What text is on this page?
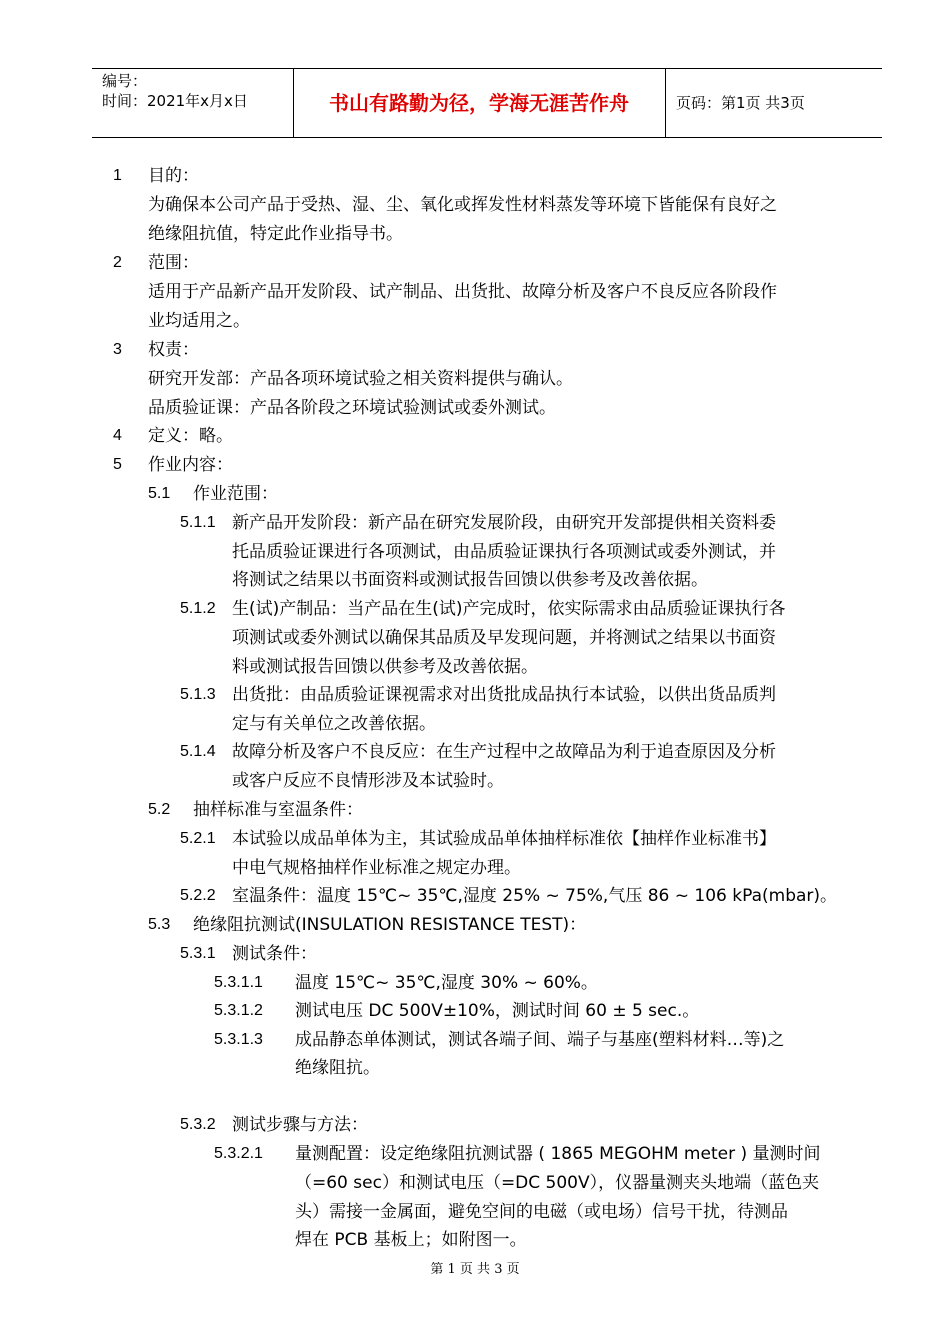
编号：
时间：2021年x月x日	书山有路勤为径，学海无涯苦作舟	页码：第1页 共3页
1 目的：
为确保本公司产品于受热、湿、尘、氧化或挥发性材料蒸发等环境下皆能保有良好之
绝缘阻抗值，特定此作业指导书。
2 范围：
适用于产品新产品开发阶段、试产制品、出货批、故障分析及客户不良反应各阶段作
业均适用之。
3 权责：
研究开发部：产品各项环境试验之相关资料提供与确认。
品质验证课：产品各阶段之环境试验测试或委外测试。
4 定义：略。
5 作业内容：
5.1 作业范围：
5.1.1 新产品开发阶段：新产品在研究发展阶段，由研究开发部提供相关资料委
托品质验证课进行各项测试，由品质验证课执行各项测试或委外测试，并
将测试之结果以书面资料或测试报告回馈以供参考及改善依据。
5.1.2 生(试)产制品：当产品在生(试)产完成时，依实际需求由品质验证课执行各
项测试或委外测试以确保其品质及早发现问题，并将测试之结果以书面资
料或测试报告回馈以供参考及改善依据。
5.1.3 出货批：由品质验证课视需求对出货批成品执行本试验，以供出货品质判
定与有关单位之改善依据。
5.1.4 故障分析及客户不良反应：在生产过程中之故障品为利于追查原因及分析
或客户反应不良情形涉及本试验时。
5.2 抽样标准与室温条件：
5.2.1 本试验以成品单体为主，其试验成品单体抽样标准依【抽样作业标准书】
中电气规格抽样作业标准之规定办理。
5.2.2 室温条件：温度 15℃~ 35℃,湿度 25% ~ 75%,气压 86 ~ 106 kPa(mbar)。
5.3 绝缘阻抗测试(INSULATION RESISTANCE TEST)：
5.3.1 测试条件：
5.3.1.1 温度 15℃~ 35℃,湿度 30% ~ 60%。
5.3.1.2 测试电压 DC 500V±10%，测试时间 60 ± 5 sec.。
5.3.1.3 成品静态单体测试，测试各端子间、端子与基座(塑料材料…等)之
绝缘阻抗。
5.3.2 测试步骤与方法：
5.3.2.1 量测配置：设定绝缘阻抗测试器 ( 1865 MEGOHM meter ) 量测时间
（=60 sec）和测试电压（=DC 500V），仪器量测夹头地端（蓝色夹
头）需接一金属面，避免空间的电磁（或电场）信号干扰，待测品
焊在 PCB 基板上；如附图一。
第 1 页 共 3 页
